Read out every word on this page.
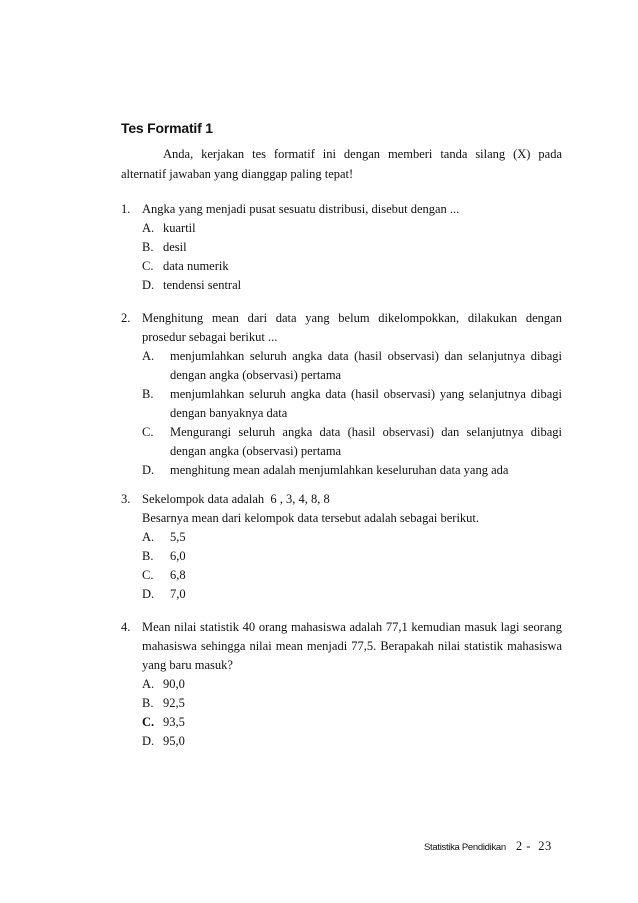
Tes Formatif 1
Anda, kerjakan tes formatif ini dengan memberi tanda silang (X) pada alternatif jawaban yang dianggap paling tepat!
1. Angka yang menjadi pusat sesuatu distribusi, disebut dengan ...
A. kuartil
B. desil
C. data numerik
D. tendensi sentral
2. Menghitung mean dari data yang belum dikelompokkan, dilakukan dengan prosedur sebagai berikut ...
A.	menjumlahkan seluruh angka data (hasil observasi) dan selanjutnya dibagi dengan angka (observasi) pertama
B.	menjumlahkan seluruh angka data (hasil observasi) yang selanjutnya dibagi dengan banyaknya data
C.	Mengurangi seluruh angka data (hasil observasi) dan selanjutnya dibagi dengan angka (observasi) pertama
D.	menghitung mean adalah menjumlahkan keseluruhan data yang ada
3. Sekelompok data adalah  6 , 3, 4, 8, 8
Besarnya mean dari kelompok data tersebut adalah sebagai berikut.
A.	5,5
B.	6,0
C.	6,8
D.	7,0
4. Mean nilai statistik 40 orang mahasiswa adalah 77,1 kemudian masuk lagi seorang mahasiswa sehingga nilai mean menjadi 77,5. Berapakah nilai statistik mahasiswa yang baru masuk?
A. 90,0
B. 92,5
C. 93,5
D. 95,0
Statistika Pendidikan 2 -  23
